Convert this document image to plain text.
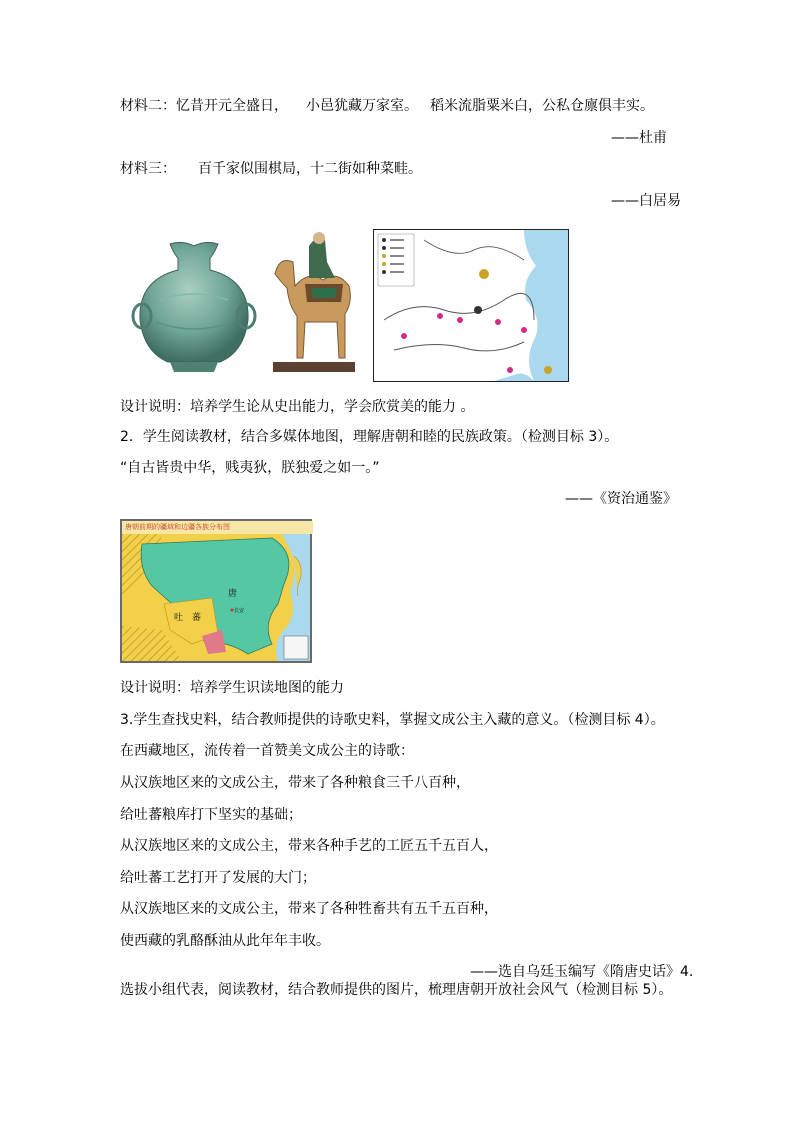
材料二：忆昔开元全盛日， 小邑犹藏万家室。 稻米流脂粟米白，公私仓廪俱丰实。
——杜甫
材料三： 百千家似围棋局，十二街如种菜畦。
——白居易
设计说明：培养学生论从史出能力，学会欣赏美的能力 。
2．学生阅读教材，结合多媒体地图，理解唐朝和睦的民族政策。（检测目标 3）。
“自古皆贵中华，贱夷狄，朕独爱之如一。”
——《资治通鉴》
唐朝前期的疆域和边疆各族分布图
唐
吐 蕃
长安
设计说明：培养学生识读地图的能力
3.学生查找史料，结合教师提供的诗歌史料，掌握文成公主入藏的意义。（检测目标 4）。
在西藏地区，流传着一首赞美文成公主的诗歌：
从汉族地区来的文成公主，带来了各种粮食三千八百种，
给吐蕃粮库打下坚实的基础；
从汉族地区来的文成公主，带来各种手艺的工匠五千五百人，
给吐蕃工艺打开了发展的大门；
从汉族地区来的文成公主，带来了各种牲畜共有五千五百种，
使西藏的乳酪酥油从此年年丰收。
——选自乌廷玉编写《隋唐史话》4.
选拔小组代表，阅读教材，结合教师提供的图片，梳理唐朝开放社会风气（检测目标 5）。
